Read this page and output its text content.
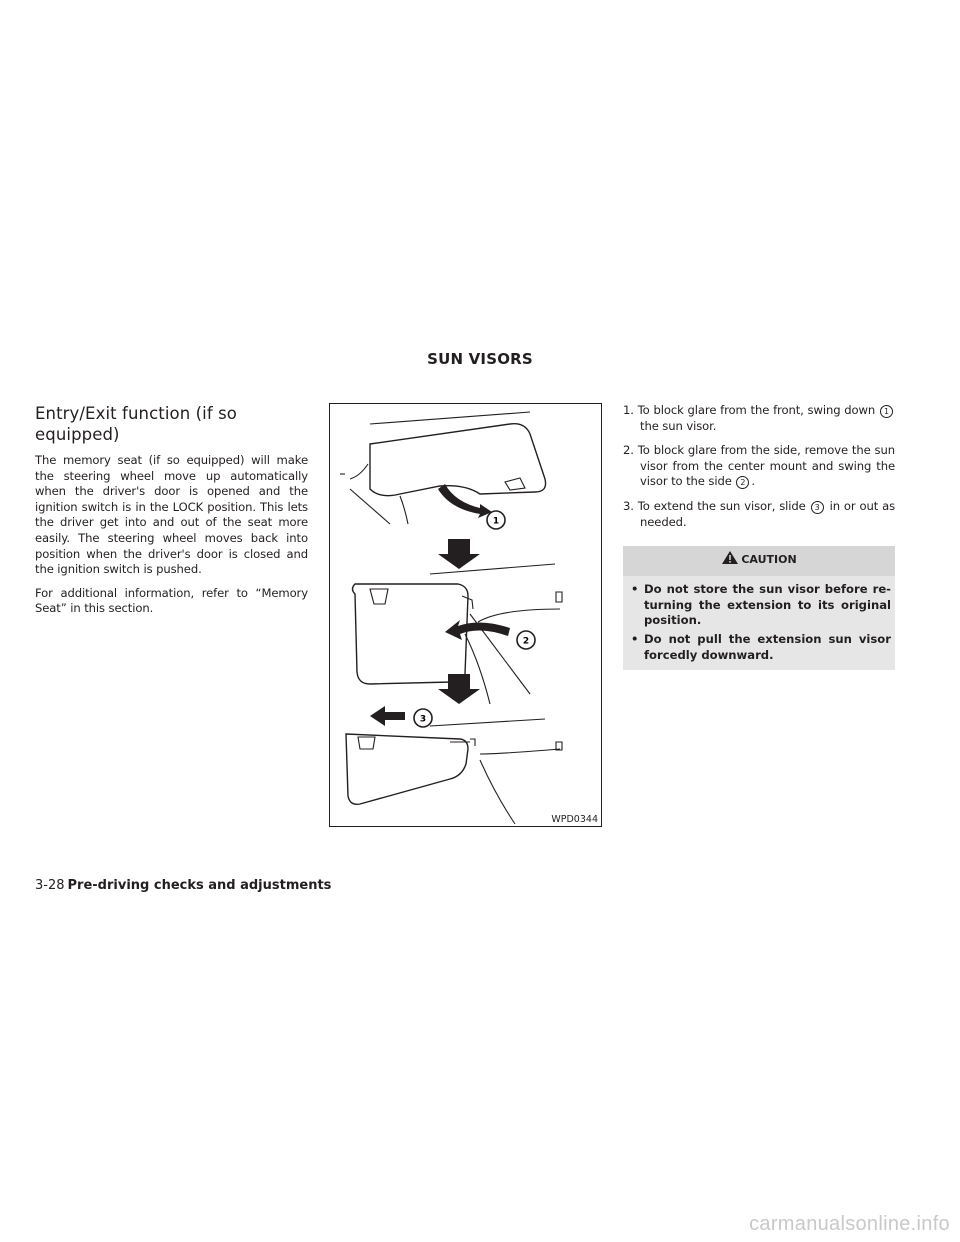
SUN VISORS
Entry/Exit function (if so equipped)

The memory seat (if so equipped) will make the steering wheel move up automatically when the driver's door is opened and the ignition switch is in the LOCK position. This lets the driver get into and out of the seat more easily. The steering wheel moves back into position when the driver's door is closed and the ignition switch is pushed.

For additional information, refer to “Memory Seat” in this section.

1
2
3
WPD0344

1. To block glare from the front, swing down 1 the sun visor.

2. To block glare from the side, remove the sun visor from the center mount and swing the visor to the side 2 .

3. To extend the sun visor, slide 3 in or out as needed.

CAUTION
• Do not store the sun visor before re-turning the extension to its original position.
• Do not pull the extension sun visor forcedly downward.
3-28 Pre-driving checks and adjustments
carmanualsonline.info
